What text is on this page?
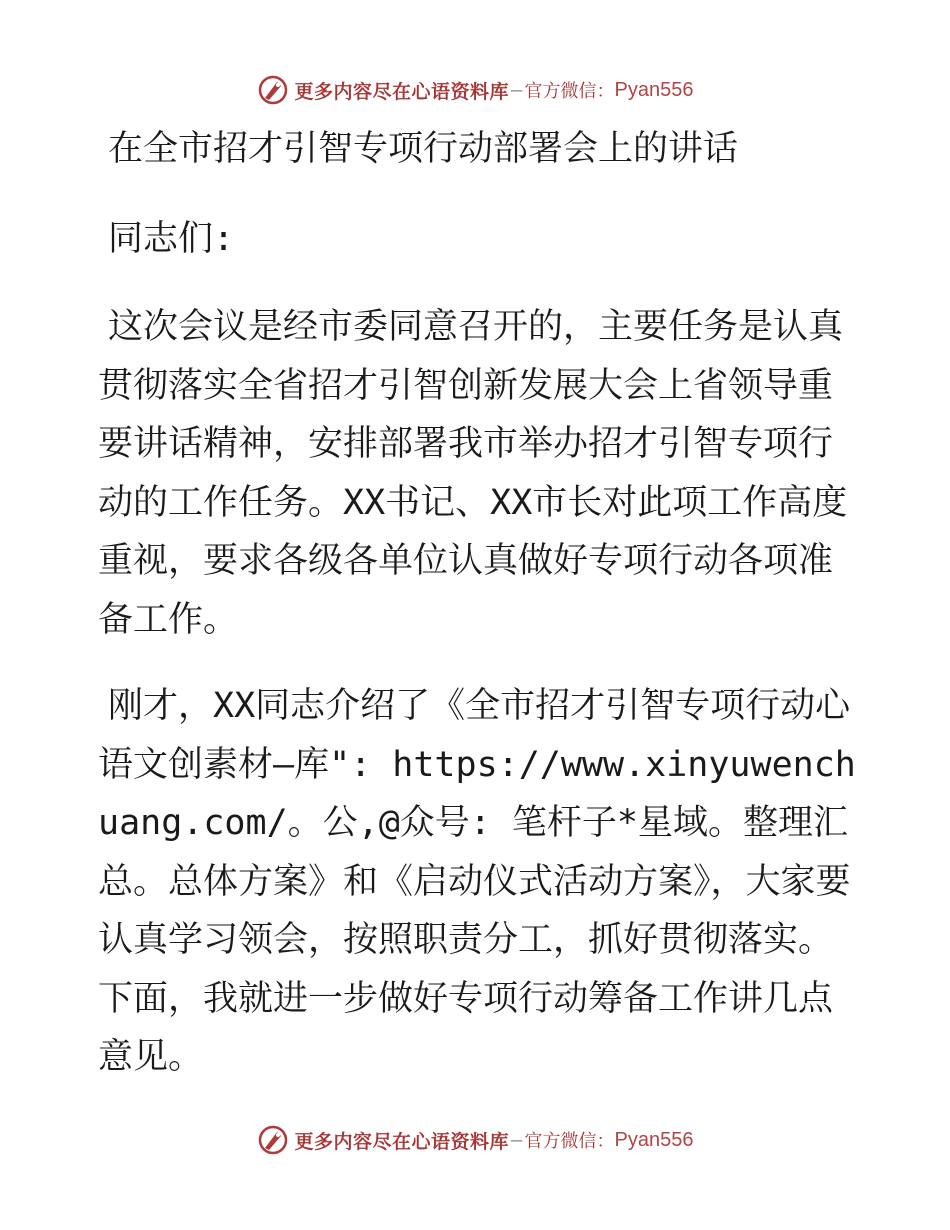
更多内容尽在心语资料库 — 官方微信： Pyan556
在全市招才引智专项行动部署会上的讲话

同志们:

这次会议是经市委同意召开的，主要任务是认真贯彻落实全省招才引智创新发展大会上省领导重要讲话精神，安排部署我市举办招才引智专项行动的工作任务。XX书记、XX市长对此项工作高度重视，要求各级各单位认真做好专项行动各项准备工作。

刚才，XX同志介绍了《全市招才引智专项行动心语文创素材—库": https://www.xinyuwenchuang.com/。公,@众号: 笔杆子*星域。整理汇总。总体方案》和《启动仪式活动方案》，大家要认真学习领会，按照职责分工，抓好贯彻落实。下面，我就进一步做好专项行动筹备工作讲几点意见。

更多内容尽在心语资料库 — 官方微信： Pyan556
